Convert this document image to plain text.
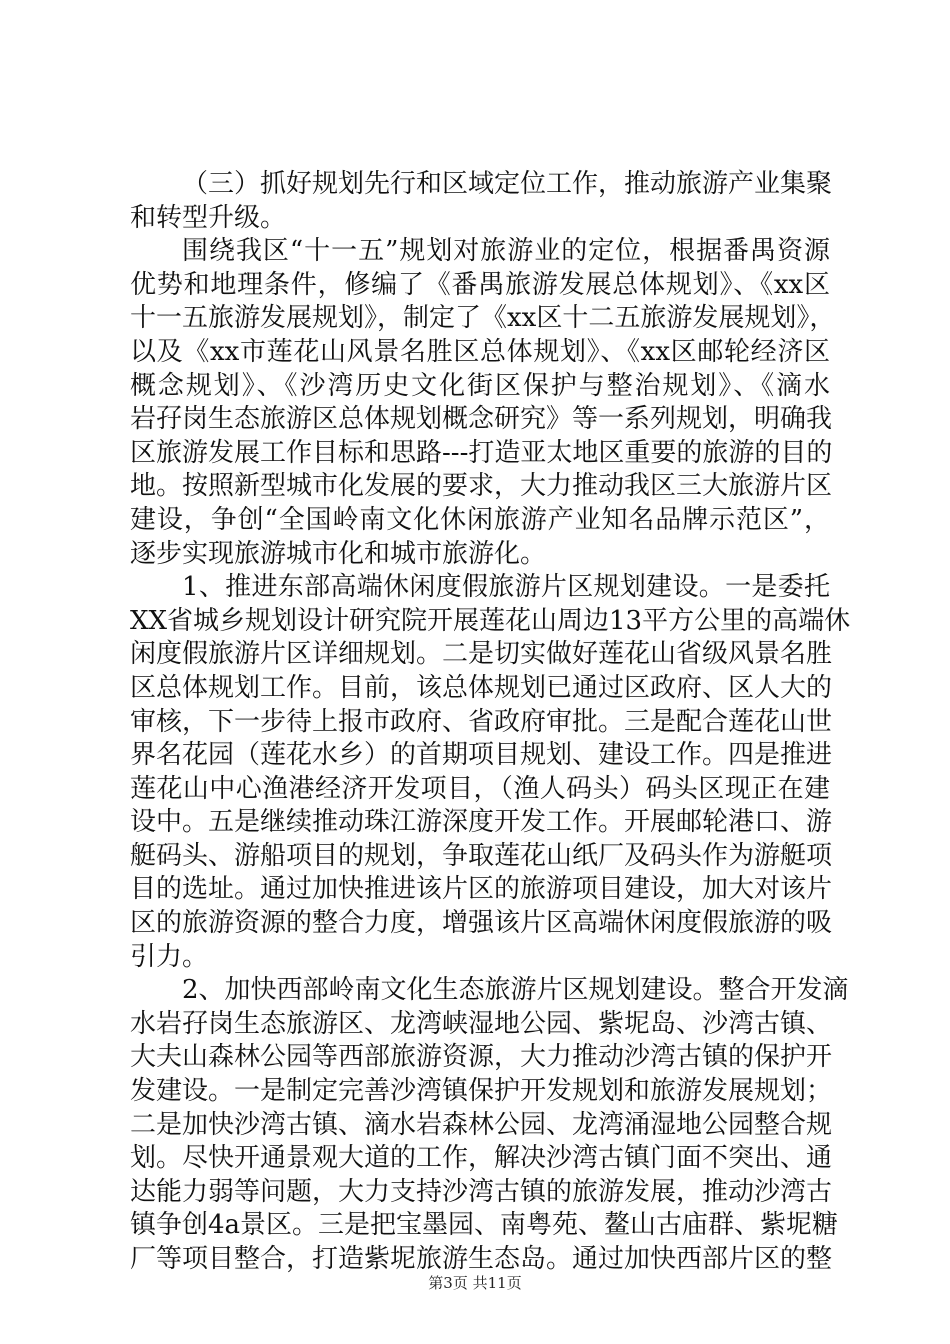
（三）抓好规划先行和区域定位工作，推动旅游产业集聚
和转型升级。
围绕我区“十一五”规划对旅游业的定位，根据番禺资源
优势和地理条件，修编了《番禺旅游发展总体规划》、《xx区
十一五旅游发展规划》，制定了《xx区十二五旅游发展规划》，
以及《xx市莲花山风景名胜区总体规划》、《xx区邮轮经济区
概念规划》、《沙湾历史文化街区保护与整治规划》、《滴水
岩孖岗生态旅游区总体规划概念研究》等一系列规划，明确我
区旅游发展工作目标和思路---打造亚太地区重要的旅游的目的
地。按照新型城市化发展的要求，大力推动我区三大旅游片区
建设，争创“全国岭南文化休闲旅游产业知名品牌示范区”，
逐步实现旅游城市化和城市旅游化。
1、推进东部高端休闲度假旅游片区规划建设。一是委托
XX省城乡规划设计研究院开展莲花山周边13平方公里的高端休
闲度假旅游片区详细规划。二是切实做好莲花山省级风景名胜
区总体规划工作。目前，该总体规划已通过区政府、区人大的
审核，下一步待上报市政府、省政府审批。三是配合莲花山世
界名花园（莲花水乡）的首期项目规划、建设工作。四是推进
莲花山中心渔港经济开发项目，（渔人码头）码头区现正在建
设中。五是继续推动珠江游深度开发工作。开展邮轮港口、游
艇码头、游船项目的规划，争取莲花山纸厂及码头作为游艇项
目的选址。通过加快推进该片区的旅游项目建设，加大对该片
区的旅游资源的整合力度，增强该片区高端休闲度假旅游的吸
引力。
2、加快西部岭南文化生态旅游片区规划建设。整合开发滴
水岩孖岗生态旅游区、龙湾峡湿地公园、紫坭岛、沙湾古镇、
大夫山森林公园等西部旅游资源，大力推动沙湾古镇的保护开
发建设。一是制定完善沙湾镇保护开发规划和旅游发展规划；
二是加快沙湾古镇、滴水岩森林公园、龙湾涌湿地公园整合规
划。尽快开通景观大道的工作，解决沙湾古镇门面不突出、通
达能力弱等问题，大力支持沙湾古镇的旅游发展，推动沙湾古
镇争创4a景区。三是把宝墨园、南粤苑、鳌山古庙群、紫坭糖
厂等项目整合，打造紫坭旅游生态岛。通过加快西部片区的整
第3页 共11页
